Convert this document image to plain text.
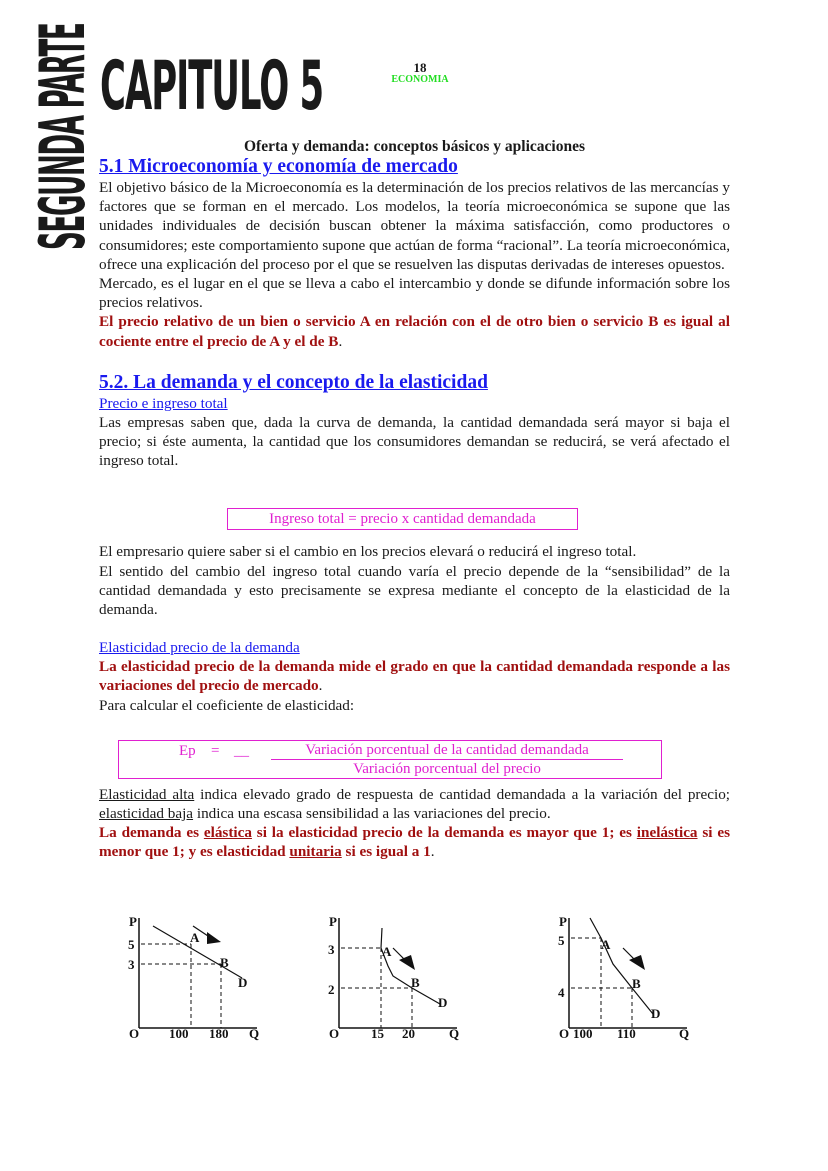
SEGUNDA PARTE CAPITULO 5	18
ECONOMIA
Oferta y demanda: conceptos básicos y aplicaciones
5.1 Microeconomía y economía de mercado

El objetivo básico de la Microeconomía es la determinación de los precios relativos de las mercancías y factores que se forman en el mercado. Los modelos, la teoría microeconómica se supone que las unidades individuales de decisión buscan obtener la máxima satisfacción, como productores o consumidores; este comportamiento supone que actúan de forma “racional”. La teoría microeconómica, ofrece una explicación del proceso por el que se resuelven las disputas derivadas de intereses opuestos.

Mercado, es el lugar en el que se lleva a cabo el intercambio y donde se difunde información sobre los precios relativos.

El precio relativo de un bien o servicio A en relación con el de otro bien o servicio B es igual al cociente entre el precio de A y el de B.

5.2. La demanda y el concepto de la elasticidad
Precio e ingreso total

Las empresas saben que, dada la curva de demanda, la cantidad demandada será mayor si baja el precio; si éste aumenta, la cantidad que los consumidores demandan se reducirá, se verá afectado el ingreso total.

El empresario quiere saber si el cambio en los precios elevará o reducirá el ingreso total.

El sentido del cambio del ingreso total cuando varía el precio depende de la “sensibilidad” de la cantidad demandada y esto precisamente se expresa mediante el concepto de la elasticidad de la demanda.

Elasticidad precio de la demanda

La elasticidad precio de la demanda mide el grado en que la cantidad demandada responde a las variaciones del precio de mercado.

Para calcular el coeficiente de elasticidad:

Elasticidad alta indica elevado grado de respuesta de cantidad demandada a la variación del precio; elasticidad baja indica una escasa sensibilidad a las variaciones del precio.

La demanda es elástica si la elasticidad precio de la demanda es mayor que 1; es inelástica si es menor que 1; y es elasticidad unitaria si es igual a 1.

Ingreso total = precio x cantidad demandada
Ep = __	Variación porcentual de la cantidad demandada
Variación porcentual del precio
P
5
3
A
B
D
O 100 180 Q
P
3
2
A
B
D
O 15 20	Q
P
5
4
A
B
D
O 100 110	Q
